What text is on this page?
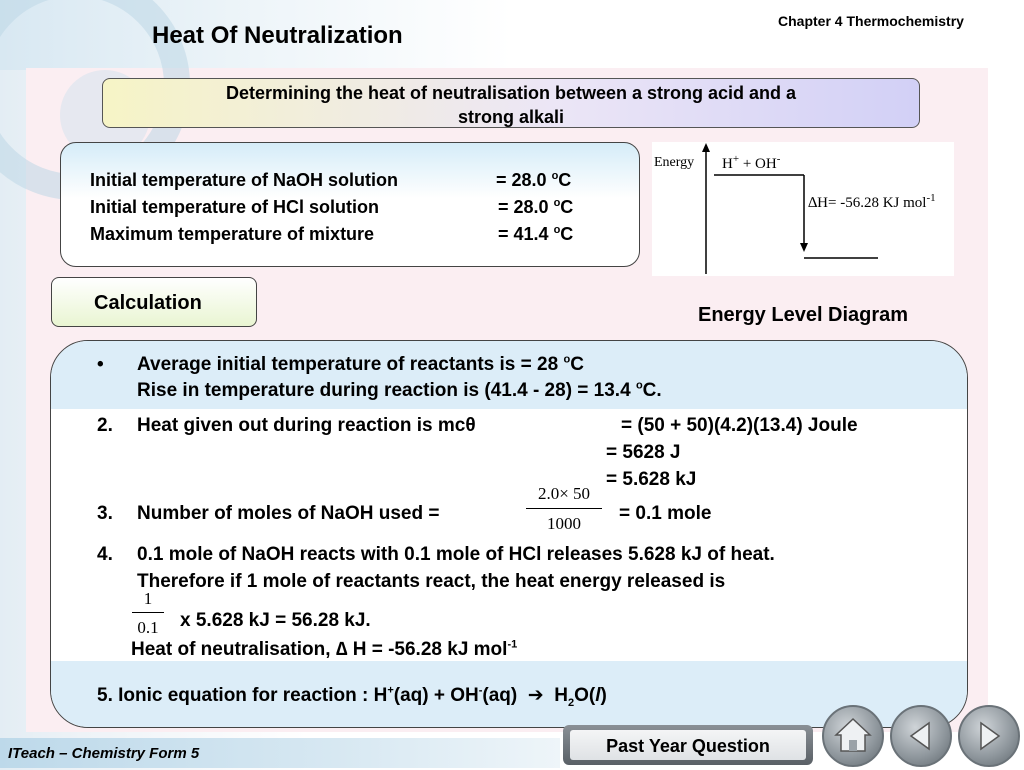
Chapter 4 Thermochemistry
Heat Of Neutralization
Determining the heat of neutralisation between a strong acid and a
strong alkali
Initial temperature of NaOH solution	= 28.0 $^o$C
Initial temperature of HCl solution	= 28.0 $^o$C
Maximum temperature of mixture	= 41.4 $^o$C
Energy H+ + OH-
∆H= -56.28 KJ mol$^{-1}$
Calculation
Energy Level Diagram
• Average initial temperature of reactants is = 28 $^o$C
Rise in temperature during reaction is (41.4 - 28) = 13.4 $^o$C.
2. Heat given out during reaction is mcθ	= (50 + 50)(4.2)(13.4) Joule
= 5628 J
= 5.628 kJ
3. Number of moles of NaOH used =
2.0× 50
1000	= 0.1 mole
4. 0.1 mole of NaOH reacts with 0.1 mole of HCl releases 5.628 kJ of heat.
Therefore if 1 mole of reactants react, the heat energy released is
1
0.1	x 5.628 kJ = 56.28 kJ.
Heat of neutralisation, ∆ H = -56.28 kJ mol$^{-1}$
5. Ionic equation for reaction : H+(aq) + OH-(aq) ➔ $H_2O(l)$
ITeach – Chemistry Form 5	Past Year Question
